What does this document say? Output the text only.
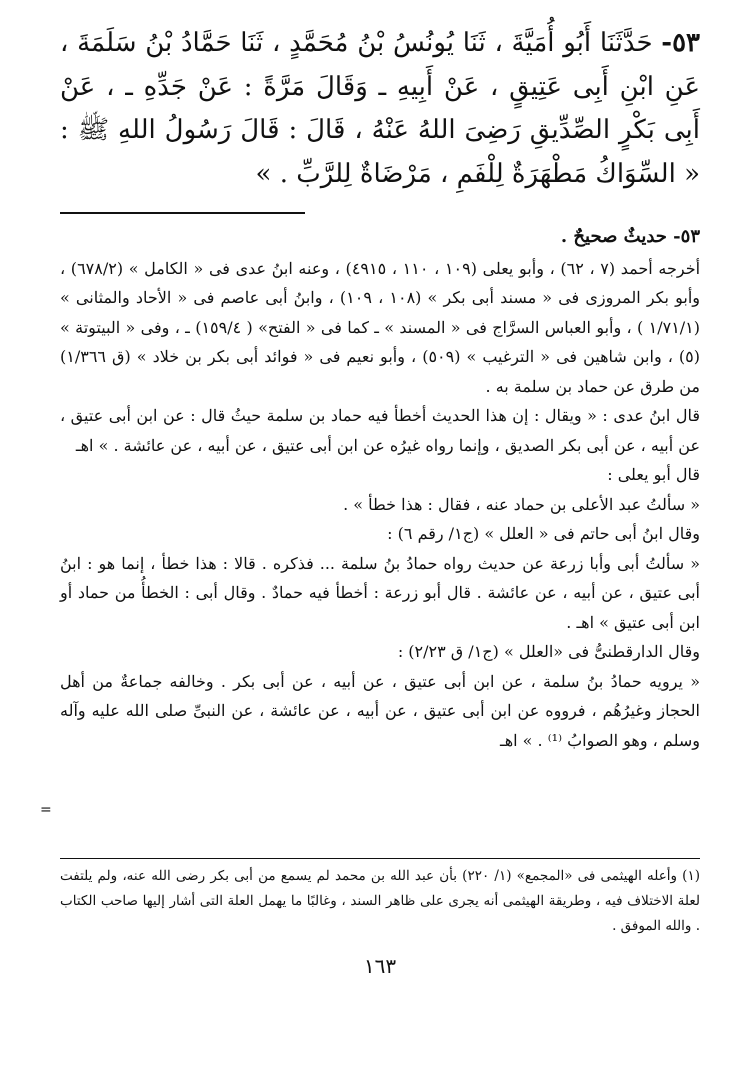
٥٣- حَدَّثَنَا أَبُو أُمَيَّةَ ، ثَنَا يُونُسُ بْنُ مُحَمَّدٍ ، ثَنَا حَمَّادُ بْنُ سَلَمَةَ ، عَنِ ابْنِ أَبِى عَتِيقٍ ، عَنْ أَبِيهِ ـ وَقَالَ مَرَّةً : عَنْ جَدِّهِ ـ ، عَنْ أَبِى بَكْرٍ الصِّدِّيقِ رَضِىَ اللهُ عَنْهُ ، قَالَ : قَالَ رَسُولُ اللهِ ﷺ : « السِّوَاكُ مَطْهَرَةٌ لِلْفَمِ ، مَرْضَاةٌ لِلرَّبِّ . »

٥٣- حديثٌ صحيحٌ .

أخرجه أحمد (٧ ، ٦٢) ، وأبو يعلى (١٠٩ ، ١١٠ ، ٤٩١٥) ، وعنه ابنُ عدى فى « الكامل » (٦٧٨/٢) ، وأبو بكر المروزى فى « مسند أبى بكر » (١٠٨ ، ١٠٩) ، وابنُ أبى عاصم فى « الأحاد والمثانى » (١/٧١/١ ) ، وأبو العباس السرَّاج فى « المسند » ـ كما فى « الفتح» ( ١٥٩/٤) ـ ، وفى « البيتوتة » (٥) ، وابن شاهين فى « الترغيب » (٥٠٩) ، وأبو نعيم فى « فوائد أبى بكر بن خلاد » (ق ١/٣٦٦) من طرق عن حماد بن سلمة به .

قال ابنُ عدى : « ويقال : إن هذا الحديث أخطأ فيه حماد بن سلمة حيثُ قال : عن ابن أبى عتيق ، عن أبيه ، عن أبى بكر الصديق ، وإنما رواه غيرُه عن ابن أبى عتيق ، عن أبيه ، عن عائشة . » اهـ

قال أبو يعلى :

« سألتُ عبد الأعلى بن حماد عنه ، فقال : هذا خطأ » .

وقال ابنُ أبى حاتم فى « العلل » (ج١/ رقم ٦) :

« سألتُ أبى وأبا زرعة عن حديث رواه حمادُ بنُ سلمة ... فذكره . قالا : هذا خطأ ، إنما هو : ابنُ أبى عتيق ، عن أبيه ، عن عائشة . قال أبو زرعة : أخطأ فيه حمادٌ . وقال أبى : الخطأُ من حماد أو ابن أبى عتيق » اهـ .

وقال الدارقطنىُّ فى «العلل » (ج١/ ق ٢/٢٣) :

« يرويه حمادُ بنُ سلمة ، عن ابن أبى عتيق ، عن أبيه ، عن أبى بكر . وخالفه جماعةٌ من أهل الحجاز وغيرُهُم ، فرووه عن ابن أبى عتيق ، عن أبيه ، عن عائشة ، عن النبىِّ صلى الله عليه وآله وسلم ، وهو الصوابُ ⁽¹⁾ . » اهـ

=

(١) وأعله الهيثمى فى «المجمع» (١/ ٢٢٠) بأن عبد الله بن محمد لم يسمع من أبى بكر رضى الله عنه، ولم يلتفت لعلة الاختلاف فيه ، وطريقة الهيثمى أنه يجرى على ظاهر السند ، وغالبًا ما يهمل العلة التى أشار إليها صاحب الكتاب . والله الموفق .

١٦٣
